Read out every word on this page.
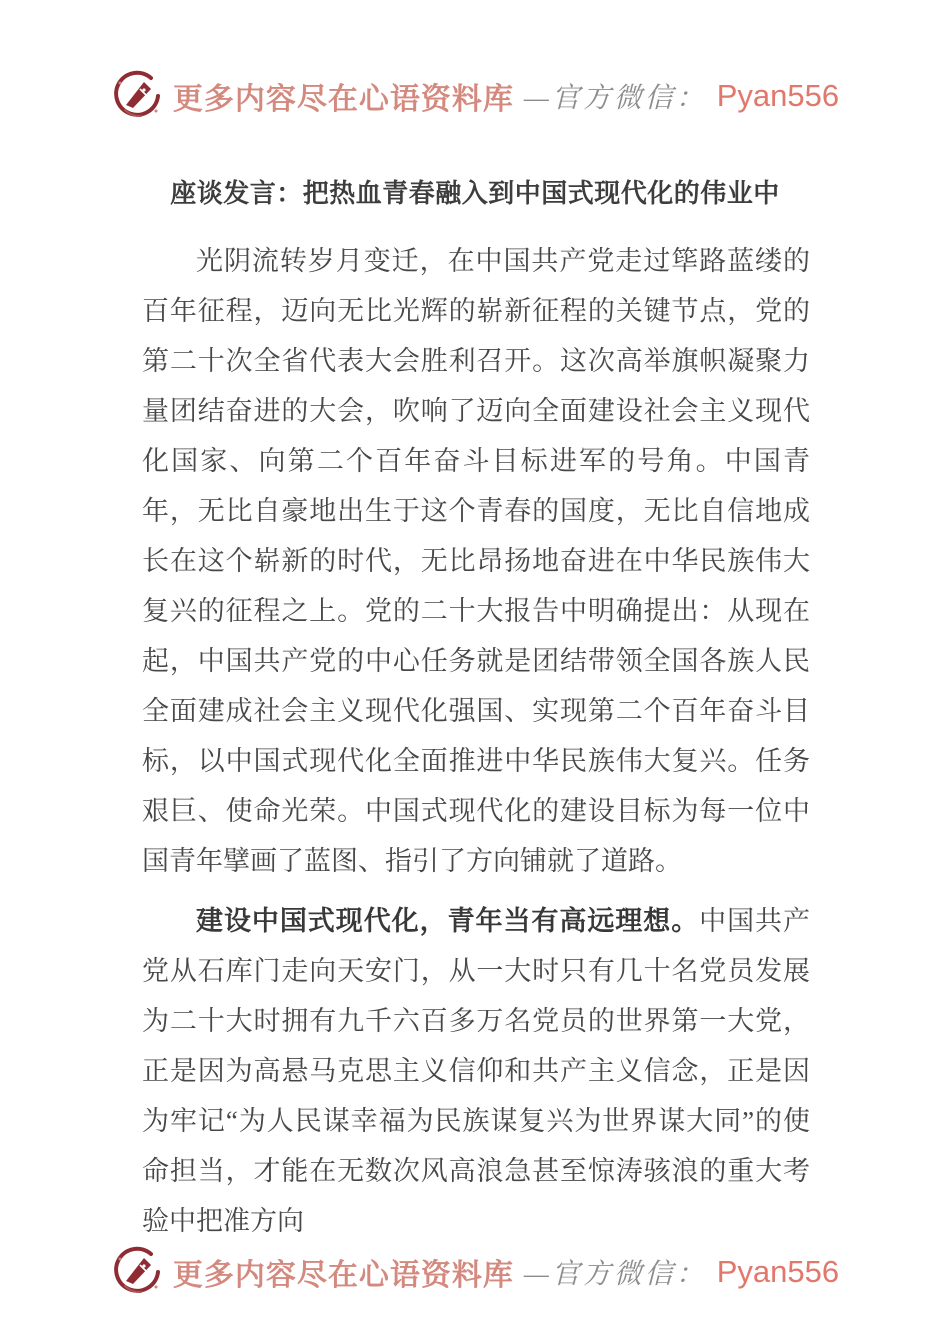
更多内容尽在心语资料库 —官方微信： Pyan556
座谈发言：把热血青春融入到中国式现代化的伟业中

光阴流转岁月变迁，在中国共产党走过筚路蓝缕的百年征程，迈向无比光辉的崭新征程的关键节点，党的第二十次全省代表大会胜利召开。这次高举旗帜凝聚力量团结奋进的大会，吹响了迈向全面建设社会主义现代化国家、向第二个百年奋斗目标进军的号角。中国青年，无比自豪地出生于这个青春的国度，无比自信地成长在这个崭新的时代，无比昂扬地奋进在中华民族伟大复兴的征程之上。党的二十大报告中明确提出：从现在起，中国共产党的中心任务就是团结带领全国各族人民全面建成社会主义现代化强国、实现第二个百年奋斗目标，以中国式现代化全面推进中华民族伟大复兴。任务艰巨、使命光荣。中国式现代化的建设目标为每一位中国青年擘画了蓝图、指引了方向铺就了道路。

建设中国式现代化，青年当有高远理想。中国共产党从石库门走向天安门，从一大时只有几十名党员发展为二十大时拥有九千六百多万名党员的世界第一大党，正是因为高悬马克思主义信仰和共产主义信念，正是因为牢记“为人民谋幸福为民族谋复兴为世界谋大同”的使命担当，才能在无数次风高浪急甚至惊涛骇浪的重大考验中把准方向

更多内容尽在心语资料库 —官方微信： Pyan556
